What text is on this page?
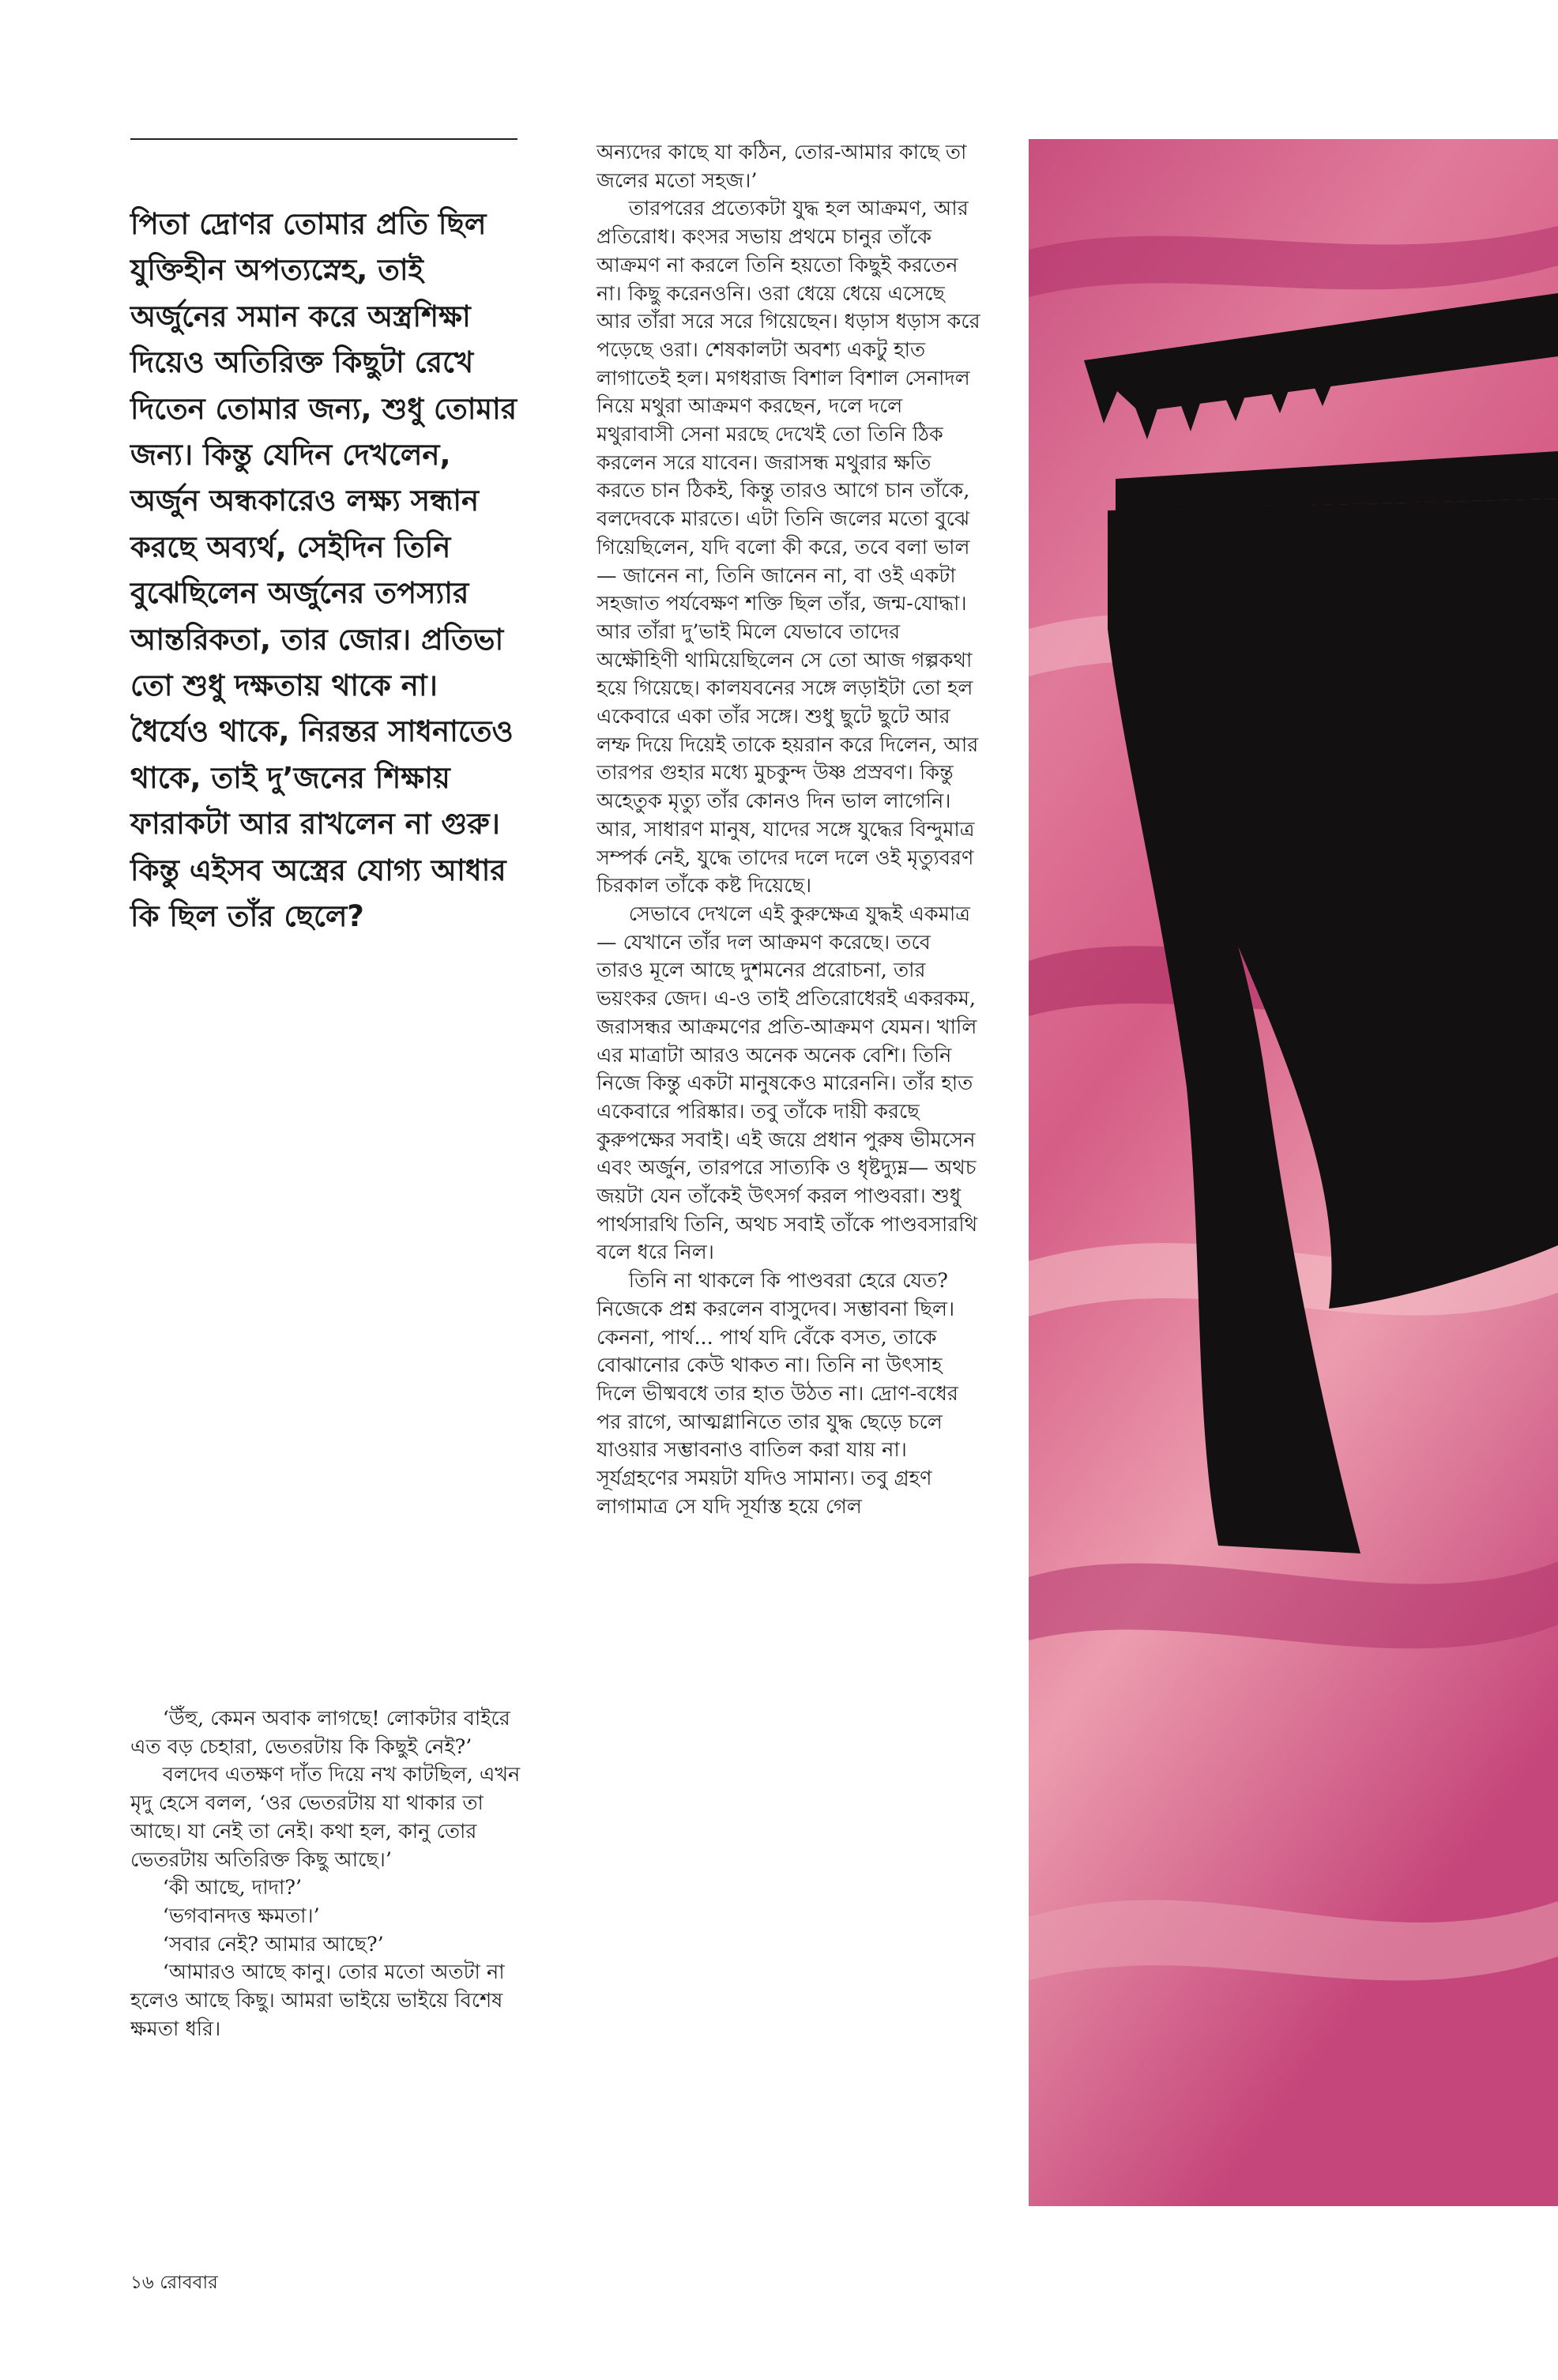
পিতা দ্রোণর তোমার প্রতি ছিল যুক্তিহীন অপত্যস্নেহ, তাই অর্জুনের সমান করে অস্ত্রশিক্ষা দিয়েও অতিরিক্ত কিছুটা রেখে দিতেন তোমার জন্য, শুধু তোমার জন্য। কিন্তু যেদিন দেখলেন, অর্জুন অন্ধকারেও লক্ষ্য সন্ধান করছে অব্যর্থ, সেইদিন তিনি বুঝেছিলেন অর্জুনের তপস্যার আন্তরিকতা, তার জোর। প্রতিভা তো শুধু দক্ষতায় থাকে না। ধৈর্যেও থাকে, নিরন্তর সাধনাতেও থাকে, তাই দু’জনের শিক্ষায় ফারাকটা আর রাখলেন না গুরু। কিন্তু এইসব অস্ত্রের যোগ্য আধার কি ছিল তাঁর ছেলে?

‘উঁহু, কেমন অবাক লাগছে! লোকটার বাইরে এত বড় চেহারা, ভেতরটায় কি কিছুই নেই?’

বলদেব এতক্ষণ দাঁত দিয়ে নখ কাটছিল, এখন মৃদু হেসে বলল, ‘ওর ভেতরটায় যা থাকার তা আছে। যা নেই তা নেই। কথা হল, কানু তোর ভেতরটায় অতিরিক্ত কিছু আছে।’

‘কী আছে, দাদা?’

‘ভগবানদত্ত ক্ষমতা।’

‘সবার নেই? আমার আছে?’

‘আমারও আছে কানু। তোর মতো অতটা না হলেও আছে কিছু। আমরা ভাইয়ে ভাইয়ে বিশেষ ক্ষমতা ধরি।

অন্যদের কাছে যা কঠিন, তোর-আমার কাছে তা জলের মতো সহজ।’

তারপরের প্রত্যেকটা যুদ্ধ হল আক্রমণ, আর প্রতিরোধ। কংসর সভায় প্রথমে চানুর তাঁকে আক্রমণ না করলে তিনি হয়তো কিছুই করতেন না। কিছু করেনওনি। ওরা ধেয়ে ধেয়ে এসেছে আর তাঁরা সরে সরে গিয়েছেন। ধড়াস ধড়াস করে পড়েছে ওরা। শেষকালটা অবশ্য একটু হাত লাগাতেই হল। মগধরাজ বিশাল বিশাল সেনাদল নিয়ে মথুরা আক্রমণ করছেন, দলে দলে মথুরাবাসী সেনা মরছে দেখেই তো তিনি ঠিক করলেন সরে যাবেন। জরাসন্ধ মথুরার ক্ষতি করতে চান ঠিকই, কিন্তু তারও আগে চান তাঁকে, বলদেবকে মারতে। এটা তিনি জলের মতো বুঝে গিয়েছিলেন, যদি বলো কী করে, তবে বলা ভাল— জানেন না, তিনি জানেন না, বা ওই একটা সহজাত পর্যবেক্ষণ শক্তি ছিল তাঁর, জন্ম-যোদ্ধা। আর তাঁরা দু’ভাই মিলে যেভাবে তাদের অক্ষৌহিণী থামিয়েছিলেন সে তো আজ গল্পকথা হয়ে গিয়েছে। কালযবনের সঙ্গে লড়াইটা তো হল একেবারে একা তাঁর সঙ্গে। শুধু ছুটে ছুটে আর লম্ফ দিয়ে দিয়েই তাকে হয়রান করে দিলেন, আর তারপর গুহার মধ্যে মুচকুন্দ উষ্ণ প্রস্রবণ। কিন্তু অহেতুক মৃত্যু তাঁর কোনও দিন ভাল লাগেনি। আর, সাধারণ মানুষ, যাদের সঙ্গে যুদ্ধের বিন্দুমাত্র সম্পর্ক নেই, যুদ্ধে তাদের দলে দলে ওই মৃত্যুবরণ চিরকাল তাঁকে কষ্ট দিয়েছে।

সেভাবে দেখলে এই কুরুক্ষেত্র যুদ্ধই একমাত্র— যেখানে তাঁর দল আক্রমণ করেছে। তবে তারও মূলে আছে দুশমনের প্ররোচনা, তার ভয়ংকর জেদ। এ-ও তাই প্রতিরোধেরই একরকম, জরাসন্ধর আক্রমণের প্রতি-আক্রমণ যেমন। খালি এর মাত্রাটা আরও অনেক অনেক বেশি। তিনি নিজে কিন্তু একটা মানুষকেও মারেননি। তাঁর হাত একেবারে পরিষ্কার। তবু তাঁকে দায়ী করছে কুরুপক্ষের সবাই। এই জয়ে প্রধান পুরুষ ভীমসেন এবং অর্জুন, তারপরে সাত্যকি ও ধৃষ্টদ্যুম্ন— অথচ জয়টা যেন তাঁকেই উৎসর্গ করল পাণ্ডবরা। শুধু পার্থসারথি তিনি, অথচ সবাই তাঁকে পাণ্ডবসারথি বলে ধরে নিল।

তিনি না থাকলে কি পাণ্ডবরা হেরে যেত? নিজেকে প্রশ্ন করলেন বাসুদেব। সম্ভাবনা ছিল। কেননা, পার্থ... পার্থ যদি বেঁকে বসত, তাকে বোঝানোর কেউ থাকত না। তিনি না উৎসাহ দিলে ভীষ্মবধে তার হাত উঠত না। দ্রোণ-বধের পর রাগে, আত্মগ্লানিতে তার যুদ্ধ ছেড়ে চলে যাওয়ার সম্ভাবনাও বাতিল করা যায় না। সূর্যগ্রহণের সময়টা যদিও সামান্য। তবু গ্রহণ লাগামাত্র সে যদি সূর্যাস্ত হয়ে গেল

১৬ রোববার
